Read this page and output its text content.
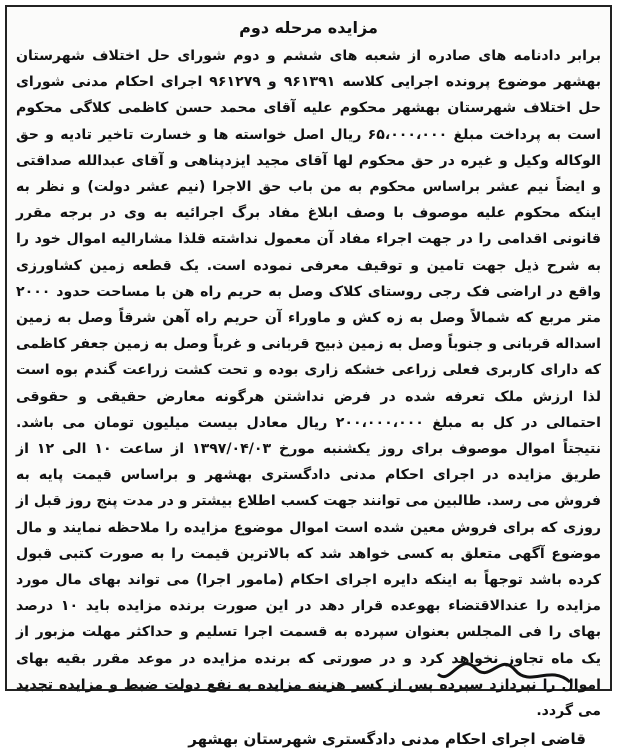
مزایده مرحله دوم

برابر دادنامه های صادره از شعبه های ششم و دوم شورای حل اختلاف شهرستان بهشهر موضوع پرونده اجرایی کلاسه ۹۶۱۳۹۱ و ۹۶۱۲۷۹ اجرای احکام مدنی شورای حل اختلاف شهرستان بهشهر محکوم علیه آقای محمد حسن کاظمی کلاگی محکوم است به پرداخت مبلغ ۶۵،۰۰۰،۰۰۰ ریال اصل خواسته ها و خسارت تاخیر تادیه و حق الوکاله وکیل و غیره در حق محکوم لها آقای مجید ایزدپناهی و آقای عبدالله صداقتی و ایضاً نیم عشر براساس محکوم به من باب حق الاجرا (نیم عشر دولت) و نظر به اینکه محکوم علیه موصوف با وصف ابلاغ مفاد برگ اجرائیه به وی در برجه مقرر قانونی اقدامی را در جهت اجراء مفاد آن معمول نداشته قلذا مشارالیه اموال خود را به شرح ذیل جهت تامین و توقیف معرفی نموده است. یک قطعه زمین کشاورزی واقع در اراضی فک رجی روستای کلاک وصل به حریم راه هن با مساحت حدود ۲۰۰۰ متر مربع که شمالاً وصل به زه کش و ماوراء آن حریم راه آهن شرقاً وصل به زمین اسداله قربانی و جنوباً وصل به زمین ذبیح قربانی و غرباً وصل به زمین جعفر کاظمی که دارای کاربری فعلی زراعی خشکه زاری بوده و تحت کشت زراعت گندم بوه است لذا ارزش ملک تعرفه شده در فرض نداشتن هرگونه معارض حقیقی و حقوقی احتمالی در کل به مبلغ ۲۰۰،۰۰۰،۰۰۰ ریال معادل بیست میلیون تومان می باشد. نتیجتاً اموال موصوف برای روز یکشنبه مورخ ۱۳۹۷/۰۴/۰۳ از ساعت ۱۰ الی ۱۲ از طریق مزایده در اجرای احکام مدنی دادگستری بهشهر و براساس قیمت پایه به فروش می رسد. طالبین می توانند جهت کسب اطلاع بیشتر و در مدت پنج روز قبل از روزی که برای فروش معین شده است اموال موضوع مزایده را ملاحظه نمایند و مال موضوع آگهی متعلق به کسی خواهد شد که بالاترین قیمت را به صورت کتبی قبول کرده باشد توجهاً به اینکه دایره اجرای احکام (مامور اجرا) می تواند بهای مال مورد مزایده را عندالاقتضاء بهوعده قرار دهد در این صورت برنده مزایده باید ۱۰ درصد بهای را فی المجلس بعنوان سپرده به قسمت اجرا تسلیم و حداکثر مهلت مزبور از یک ماه تجاوز نخواهد کرد و در صورتی که برنده مزایده در موعد مقرر بقیه بهای اموال را نپردازد سپرده پس از کسر هزینه مزایده به نفع دولت ضبط و مزایده تجدید می گردد.

قاضی اجرای احکام مدنی دادگستری شهرستان بهشهر
